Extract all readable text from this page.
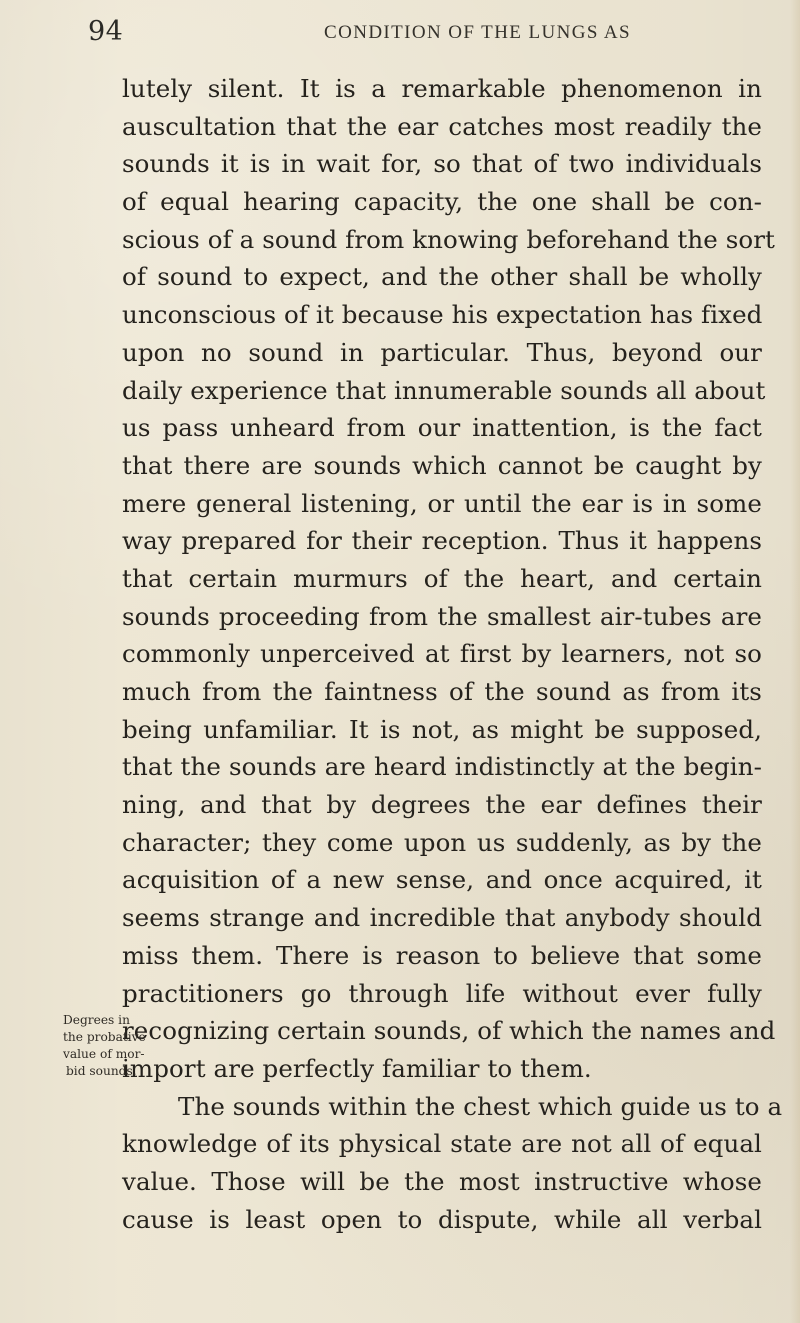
94	CONDITION OF THE LUNGS AS
lutely silent. It is a remarkable phenomenon in
auscultation that the ear catches most readily the
sounds it is in wait for, so that of two individuals
of equal hearing capacity, the one shall be con-
scious of a sound from knowing beforehand the sort
of sound to expect, and the other shall be wholly
unconscious of it because his expectation has fixed
upon no sound in particular. Thus, beyond our
daily experience that innumerable sounds all about
us pass unheard from our inattention, is the fact
that there are sounds which cannot be caught by
mere general listening, or until the ear is in some
way prepared for their reception. Thus it happens
that certain murmurs of the heart, and certain
sounds proceeding from the smallest air-tubes are
commonly unperceived at first by learners, not so
much from the faintness of the sound as from its
being unfamiliar. It is not, as might be supposed,
that the sounds are heard indistinctly at the begin-
ning, and that by degrees the ear defines their
character; they come upon us suddenly, as by the
acquisition of a new sense, and once acquired, it
seems strange and incredible that anybody should
miss them. There is reason to believe that some
practitioners go through life without ever fully
recognizing certain sounds, of which the names and
import are perfectly familiar to them.
The sounds within the chest which guide us to a
knowledge of its physical state are not all of equal
value. Those will be the most instructive whose
cause is least open to dispute, while all verbal
Degrees in
the probative
value of mor-
bid sounds.
